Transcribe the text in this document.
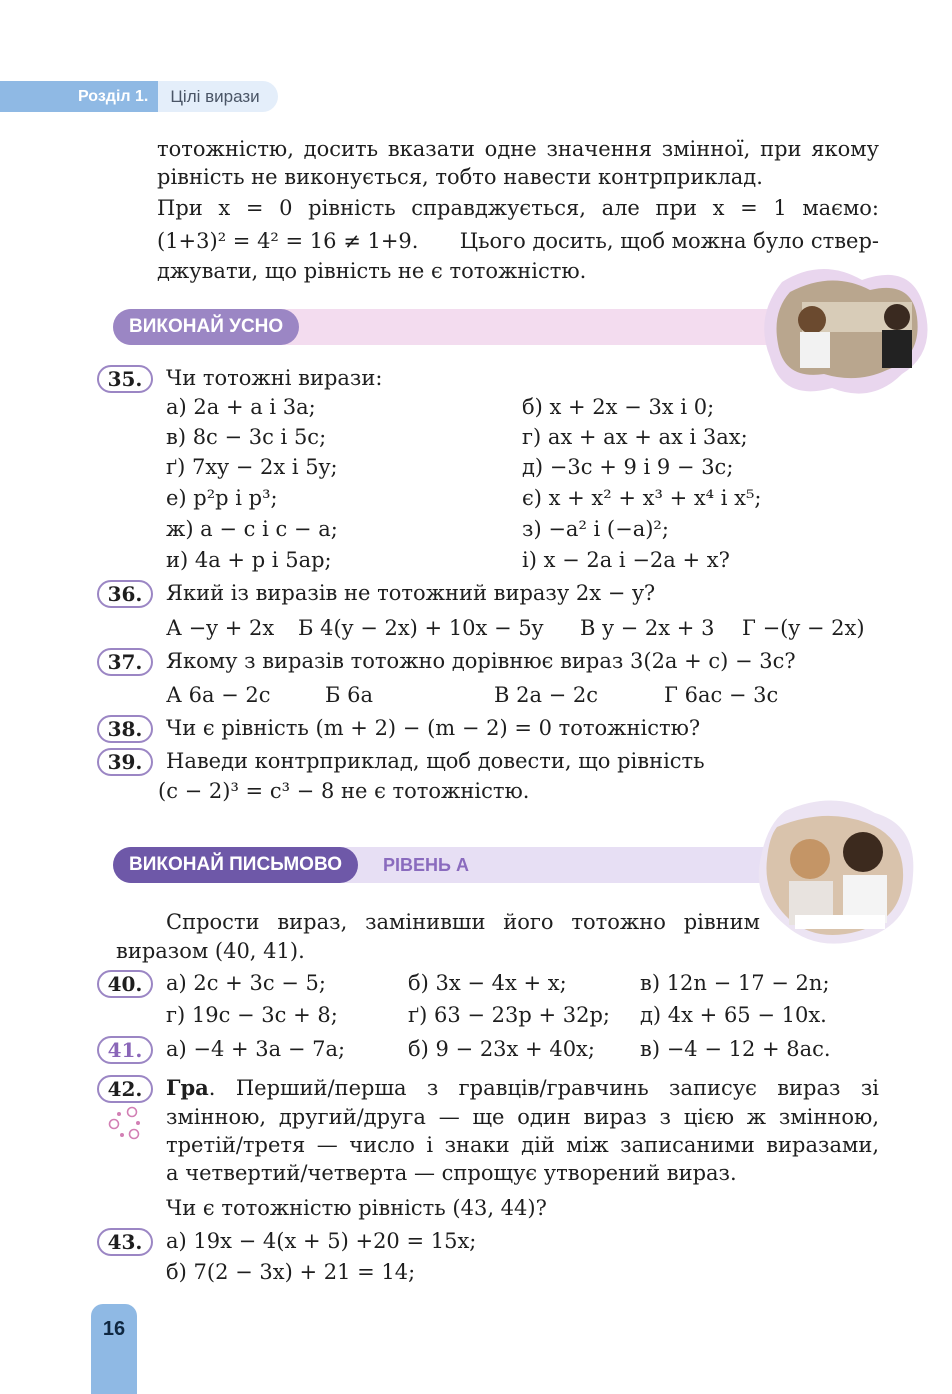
Розділ 1.	Цілі вирази

тотожністю, досить вказати одне значення змінної, при якому

рівність не виконується, тобто навести контрприклад.

При x = 0 рівність справджується, але при x = 1 маємо:

(1+3)² = 4² = 16 ≠ 1+9. Цього досить, щоб можна було ствер-

джувати, що рівність не є тотожністю.

ВИКОНАЙ УСНО
35.	Чи тотожні вирази:
а) 2a + a і 3a;	б) x + 2x − 3x і 0;
в) 8c − 3c і 5c;	г) ax + ax + ax і 3ax;
ґ) 7xy − 2x і 5y;	д) −3c + 9 і 9 − 3c;
е) p²p і p³;	є) x + x² + x³ + x⁴ і x⁵;
ж) a − c і c − a;	з) −a² і (−a)²;
и) 4a + p і 5ap;	і) x − 2a і −2a + x?
36.	Який із виразів не тотожний виразу 2x − y?
А −y + 2x Б 4(y − 2x) + 10x − 5y В y − 2x + 3 Г −(y − 2x)
37.	Якому з виразів тотожно дорівнює вираз 3(2a + c) − 3c?
А 6a − 2c	Б 6a	В 2a − 2c	Г 6ac − 3c
38.	Чи є рівність (m + 2) − (m − 2) = 0 тотожністю?
39.	Наведи контрприклад, щоб довести, що рівність
(c − 2)³ = c³ − 8 не є тотожністю.
ВИКОНАЙ ПИСЬМОВО	РІВЕНЬ А
Спрости вираз, замінивши його тотожно рівним
виразом (40, 41).
40.	а) 2c + 3c − 5;	б) 3x − 4x + x;	в) 12n − 17 − 2n;
г) 19c − 3c + 8;	ґ) 63 − 23p + 32p; д) 4x + 65 − 10x.
41.	а) −4 + 3a − 7a;	б) 9 − 23x + 40x; в) −4 − 12 + 8ac.
42.	Гра . Перший/перша з гравців/гравчинь записує вираз зі
змінною, другий/друга — ще один вираз з цією ж змінною,
третій/третя — число і знаки дій між записаними виразами,
а четвертий/четверта — спрощує утворений вираз.
Чи є тотожністю рівність (43, 44)?
43.	а) 19x − 4(x + 5) +20 = 15x;
б) 7(2 − 3x) + 21 = 14;
16
